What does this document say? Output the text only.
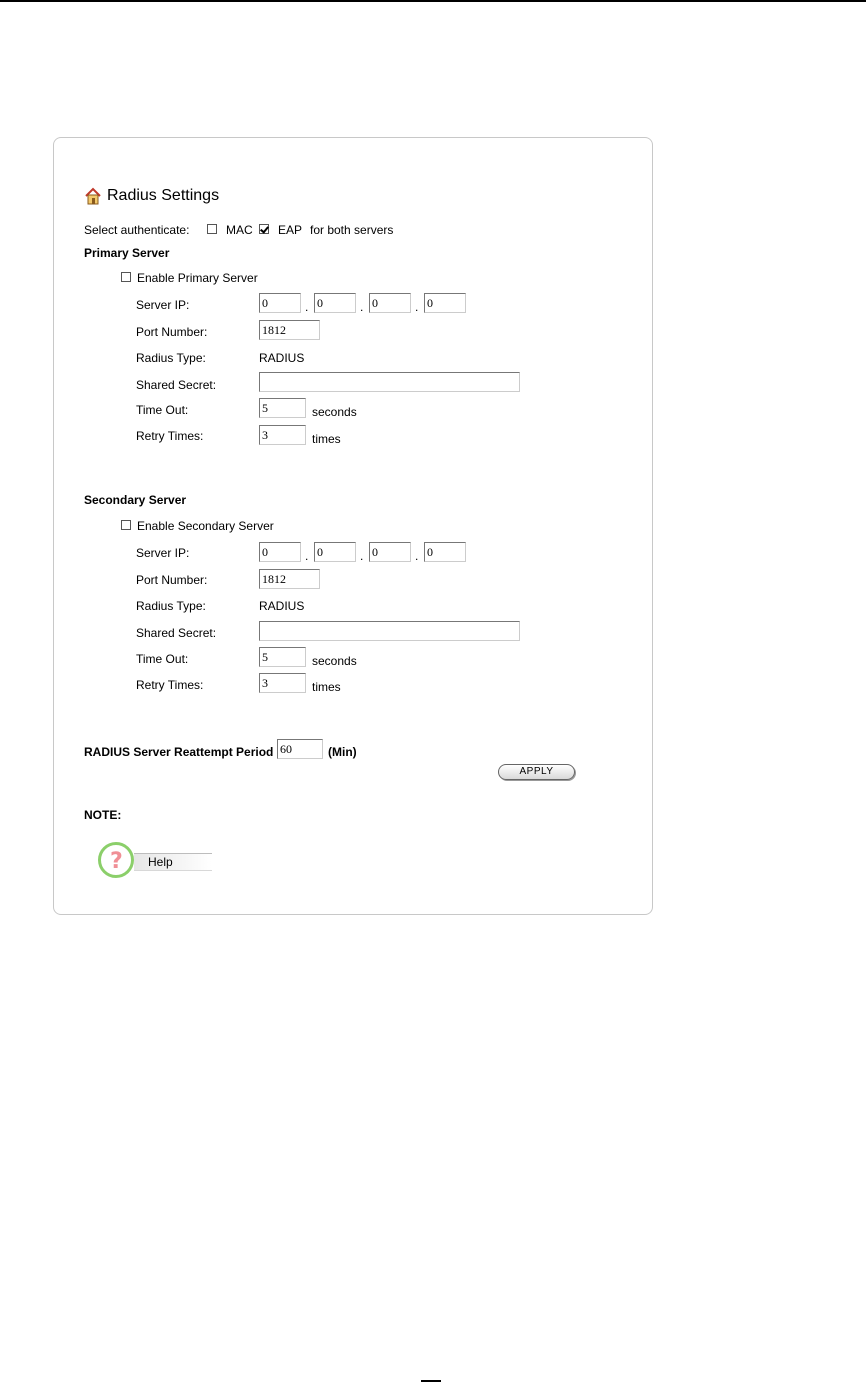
Radius Settings
Select authenticate:	MAC EAP for both servers
Primary Server
Enable Primary Server
Server IP:	0	. 0	. 0	. 0
Port Number:	1812
Radius Type:	RADIUS
Shared Secret:
Time Out:	5	seconds
Retry Times:	3	times
Secondary Server
Enable Secondary Server
Server IP:	0	. 0	. 0	. 0
Port Number:	1812
Radius Type:	RADIUS
Shared Secret:
Time Out:	5	seconds
Retry Times:	3	times
RADIUS Server Reattempt Period 60	(Min)
APPLY
NOTE:
Help
?
